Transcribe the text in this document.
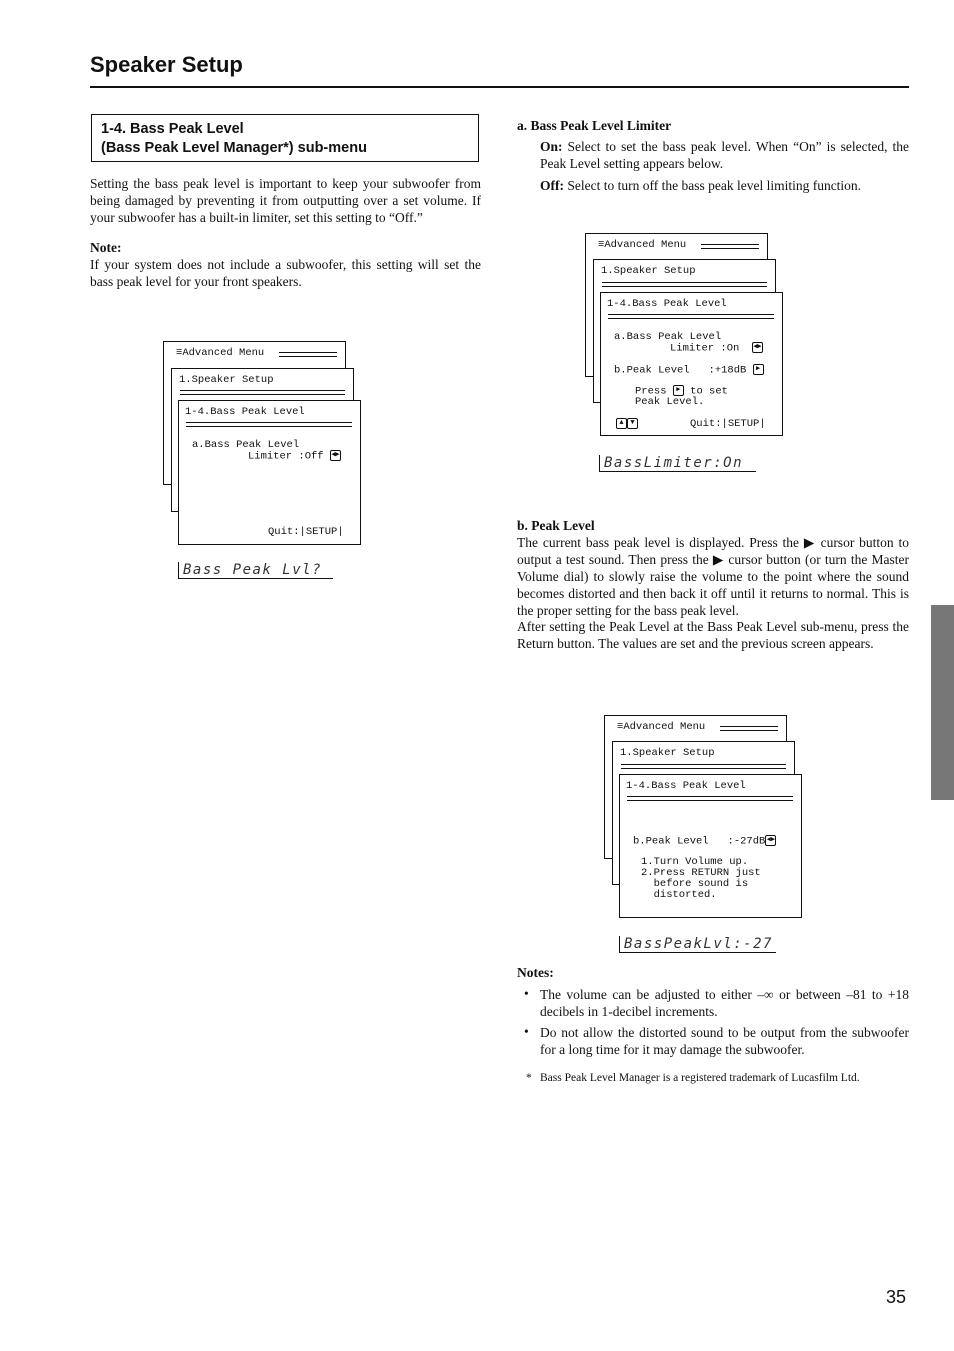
Speaker Setup
1-4. Bass Peak Level
(Bass Peak Level Manager*) sub-menu
Setting the bass peak level is important to keep your subwoofer from being damaged by preventing it from outputting over a set volume. If your subwoofer has a built-in limiter, set this setting to “Off.”
Note:
If your system does not include a subwoofer, this setting will set the bass peak level for your front speakers.
≡Advanced Menu
1.Speaker Setup
1-4.Bass Peak Level
a.Bass Peak Level
Limiter :Off ◀▶
Quit:|SETUP|
Bass Peak Lvl?
a. Bass Peak Level Limiter
On: Select to set the bass peak level. When “On” is selected, the Peak Level setting appears below.
Off: Select to turn off the bass peak level limiting function.
≡Advanced Menu
1.Speaker Setup
1-4.Bass Peak Level
a.Bass Peak Level
Limiter :On ◀▶
b.Peak Level   :+18dB ▶
Press ▶ to set
Peak Level.
▲ ▼	Quit:|SETUP|
BassLimiter:On
b. Peak Level
The current bass peak level is displayed. Press the ▶ cursor button to output a test sound. Then press the ▶ cursor button (or turn the Master Volume dial) to slowly raise the volume to the point where the sound becomes distorted and then back it off until it returns to normal. This is the proper setting for the bass peak level.
After setting the Peak Level at the Bass Peak Level sub-menu, press the Return button. The values are set and the previous screen appears.
≡Advanced Menu
1.Speaker Setup
1-4.Bass Peak Level
b.Peak Level   :-27dB◀▶
1.Turn Volume up.
2.Press RETURN just
before sound is
distorted.
BassPeakLvl:-27
Notes:
• The volume can be adjusted to either –∞ or between –81 to +18 decibels in 1-decibel increments.
• Do not allow the distorted sound to be output from the subwoofer for a long time for it may damage the subwoofer.
* Bass Peak Level Manager is a registered trademark of Lucasfilm Ltd.
35
